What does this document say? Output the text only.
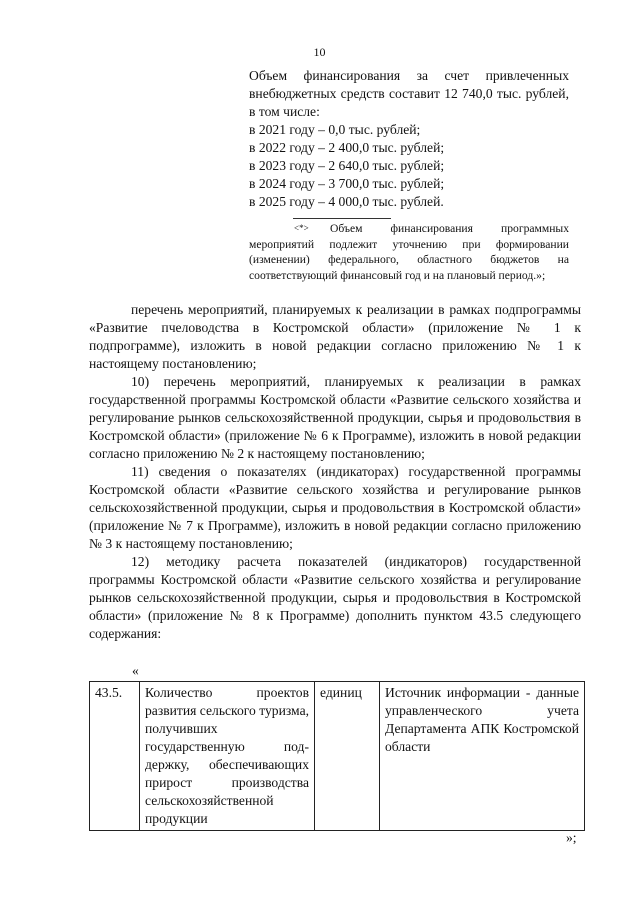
10

Объем финансирования за счет привлеченных внебюджетных средств составит 12 740,0 тыс. рублей, в том числе:

в 2021 году – 0,0 тыс. рублей;

в 2022 году – 2 400,0 тыс. рублей;

в 2023 году – 2 640,0 тыс. рублей;

в 2024 году – 3 700,0 тыс. рублей;

в 2025 году – 4 000,0 тыс. рублей.

<*> Объем финансирования программных

мероприятий подлежит уточнению при формировании (изменении) федерального, областного бюджетов на соответствующий финансовый год и на плановый период.»;

перечень мероприятий, планируемых к реализации в рамках подпрограммы «Развитие пчеловодства в Костромской области» (приложение № 1 к подпрограмме), изложить в новой редакции согласно приложению № 1 к настоящему постановлению;

10) перечень мероприятий, планируемых к реализации в рамках государственной программы Костромской области «Развитие сельского хозяйства и регулирование рынков сельскохозяйственной продукции, сырья и продовольствия в Костромской области» (приложение № 6 к Программе), изложить в новой редакции согласно приложению № 2 к настоящему постановлению;

11) сведения о показателях (индикаторах) государственной программы Костромской области «Развитие сельского хозяйства и регулирование рынков сельскохозяйственной продукции, сырья и продовольствия в Костромской области» (приложение № 7 к Программе), изложить в новой редакции согласно приложению № 3 к настоящему постановлению;

12) методику расчета показателей (индикаторов) государственной программы Костромской области «Развитие сельского хозяйства и регулирование рынков сельскохозяйственной продукции, сырья и продовольствия в Костромской области» (приложение № 8 к Программе) дополнить пунктом 43.5 следующего содержания:

«
43.5.	Количество проектов развития сельского туризма, получивших государственную под-держку, обеспечивающих прирост производства сельскохозяйственной продукции	единиц	Источник информации - данные управленческого учета Департамента АПК Костромской области
»;
